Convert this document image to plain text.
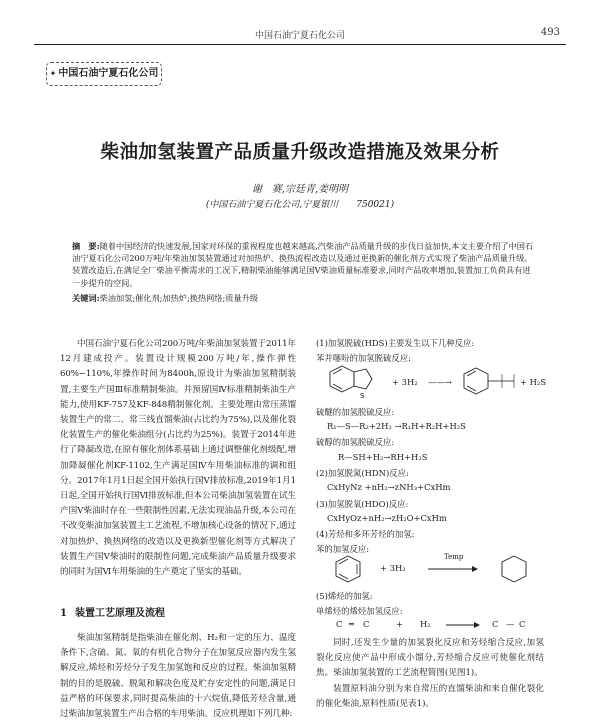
中国石油宁夏石化公司	493
✦ 中国石油宁夏石化公司
柴油加氢装置产品质量升级改造措施及效果分析
谢　赛,宗廷青,姜明明
(中国石油宁夏石化公司,宁夏银川　　750021)
摘　要:随着中国经济的快速发展,国家对环保的重视程度也越来越高,汽柴油产品质量升级的步伐日益加快,本文主要介绍了中国石油宁夏石化公司200万吨/年柴油加氢装置通过对加热炉、换热流程改造以及通过更换新的催化剂方式实现了柴油产品质量升级。装置改造后,在满足全厂柴油平衡需求的工况下,精制柴油能够满足国Ⅴ柴油质量标准要求,同时产品收率增加,装置加工负荷具有进一步提升的空间。
关键词:柴油加氢;催化剂;加热炉;换热网络;质量升级

中国石油宁夏石化公司200万吨/年柴油加氢装置于2011年12月建成投产。装置设计规模200万吨/年,操作弹性60%~110%,年操作时间为8400h,原设计为柴油加氢精制装置,主要生产国Ⅲ标准精制柴油。并预留国Ⅳ标准精制柴油生产能力,使用KF-757及KF-848精制催化剂。主要处理由常压蒸馏装置生产的常二、常三线直馏柴油(占比约为75%),以及催化裂化装置生产的催化柴油组分(占比约为25%)。装置于2014年进行了降凝改造,在原有催化剂体系基础上通过调整催化剂级配,增加降凝催化剂KF-1102,生产满足国Ⅳ车用柴油标准的调和组分。2017年1月1日起全国开始执行国Ⅴ排放标准,2019年1月1日起,全国开始执行国Ⅵ排放标准,但本公司柴油加氢装置在试生产国Ⅴ柴油时存在一些限制性因素,无法实现油品升级,本公司在不改变柴油加氢装置主工艺流程,不增加核心设备的情况下,通过对加热炉、换热网络的改造以及更换新型催化剂等方式解决了装置生产国Ⅴ柴油时的限制性问题,完成柴油产品质量升级要求的同时为国Ⅵ车用柴油的生产奠定了坚实的基础。

1 装置工艺原理及流程

柴油加氢精制是指柴油在催化剂、H₂和一定的压力、温度条件下,含硫、氮、氧的有机化合物分子在加氢反应器内发生氢解反应,烯烃和芳烃分子发生加氢饱和反应的过程。柴油加氢精制的目的是脱硫、脱氮和解决色度及贮存安定性的问题,满足日益严格的环保要求,同时提高柴油的十六烷值,降低芳烃含量,通过柴油加氢装置生产出合格的车用柴油。反应机理如下列几种:

(1)加氢脱硫(HDS)主要发生以下几种反应:
苯并噻吩的加氢脱硫反应:
S
+ 3H₂ ——→	+ H₂S
硫醚的加氢脱硫反应:
R₁—S—R₂+2H₂ →R₁H+R₂H+H₂S
硫醇的加氢脱硫反应:
R—SH+H₂→RH+H₂S
(2)加氢脱氮(HDN)反应:
CxHyNz +nH₂→zNH₃+CxHm
(3)加氢脱氧(HDO)反应:
CxHyOz+nH₂→zH₂O+CxHm
(4)芳烃和多环芳烃的加氢:
苯的加氢反应:
+ 3H₂
Temp
(5)烯烃的加氢:
单烯烃的烯烃加氢反应:
C ═ C	+ H₂	C — C

同时,还发生少量的加氢裂化反应和芳烃缩合反应,加氢裂化反应使产品中形成小馏分,芳烃缩合反应可使催化剂结焦。柴油加氢装置的工艺流程简图(见图1)。

装置原料油分别为来自常压的直馏柴油和来自催化裂化的催化柴油,原料性质(见表1)。
